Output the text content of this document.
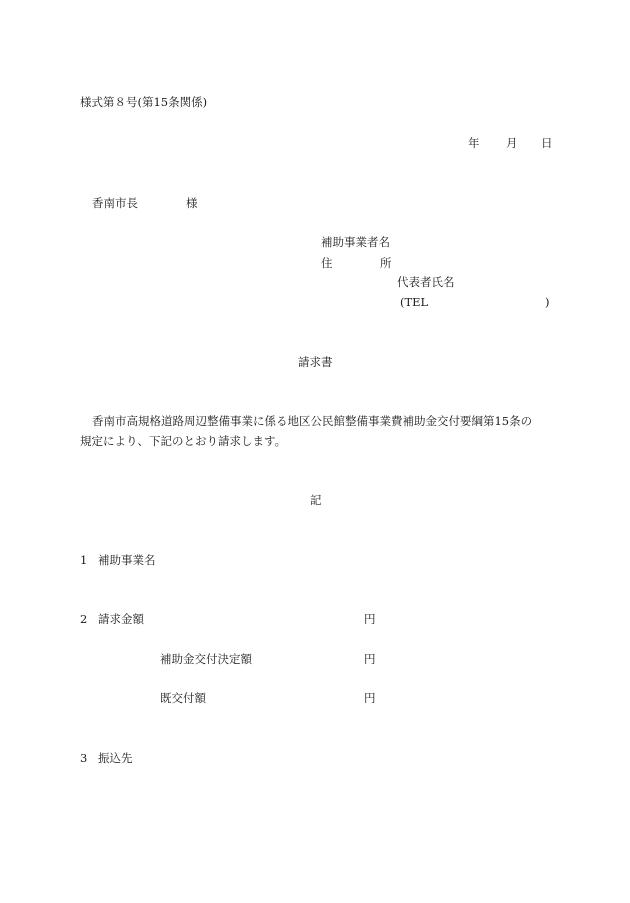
様式第８号(第15条関係)
年 月 日
香南市長	様
補助事業者名
住	所
代表者氏名
(TEL	)
請求書
香南市高規格道路周辺整備事業に係る地区公民館整備事業費補助金交付要綱第15条の
規定により、下記のとおり請求します。
記
1 補助事業名
2 請求金額	円
補助金交付決定額	円
既交付額	円
3 振込先
